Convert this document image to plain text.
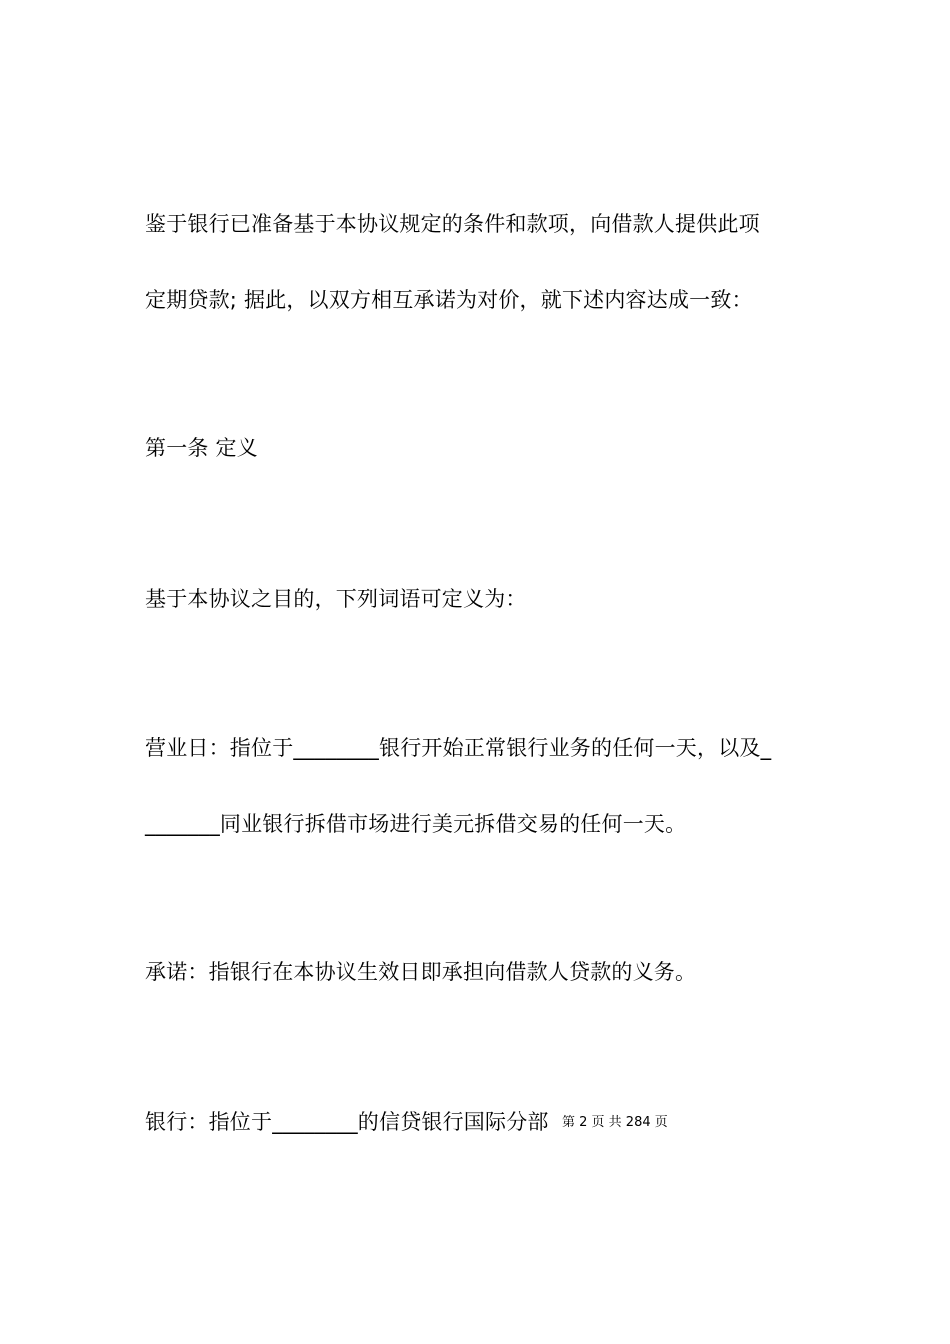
鉴于银行已准备基于本协议规定的条件和款项，向借款人提供此项
定期贷款; 据此，以双方相互承诺为对价，就下述内容达成一致：
第一条 定义
基于本协议之目的，下列词语可定义为：
营业日：指位于________银行开始正常银行业务的任何一天，以及_
_______同业银行拆借市场进行美元拆借交易的任何一天。
承诺：指银行在本协议生效日即承担向借款人贷款的义务。
银行：指位于________的信贷银行国际分部 第 2 页 共 284 页
